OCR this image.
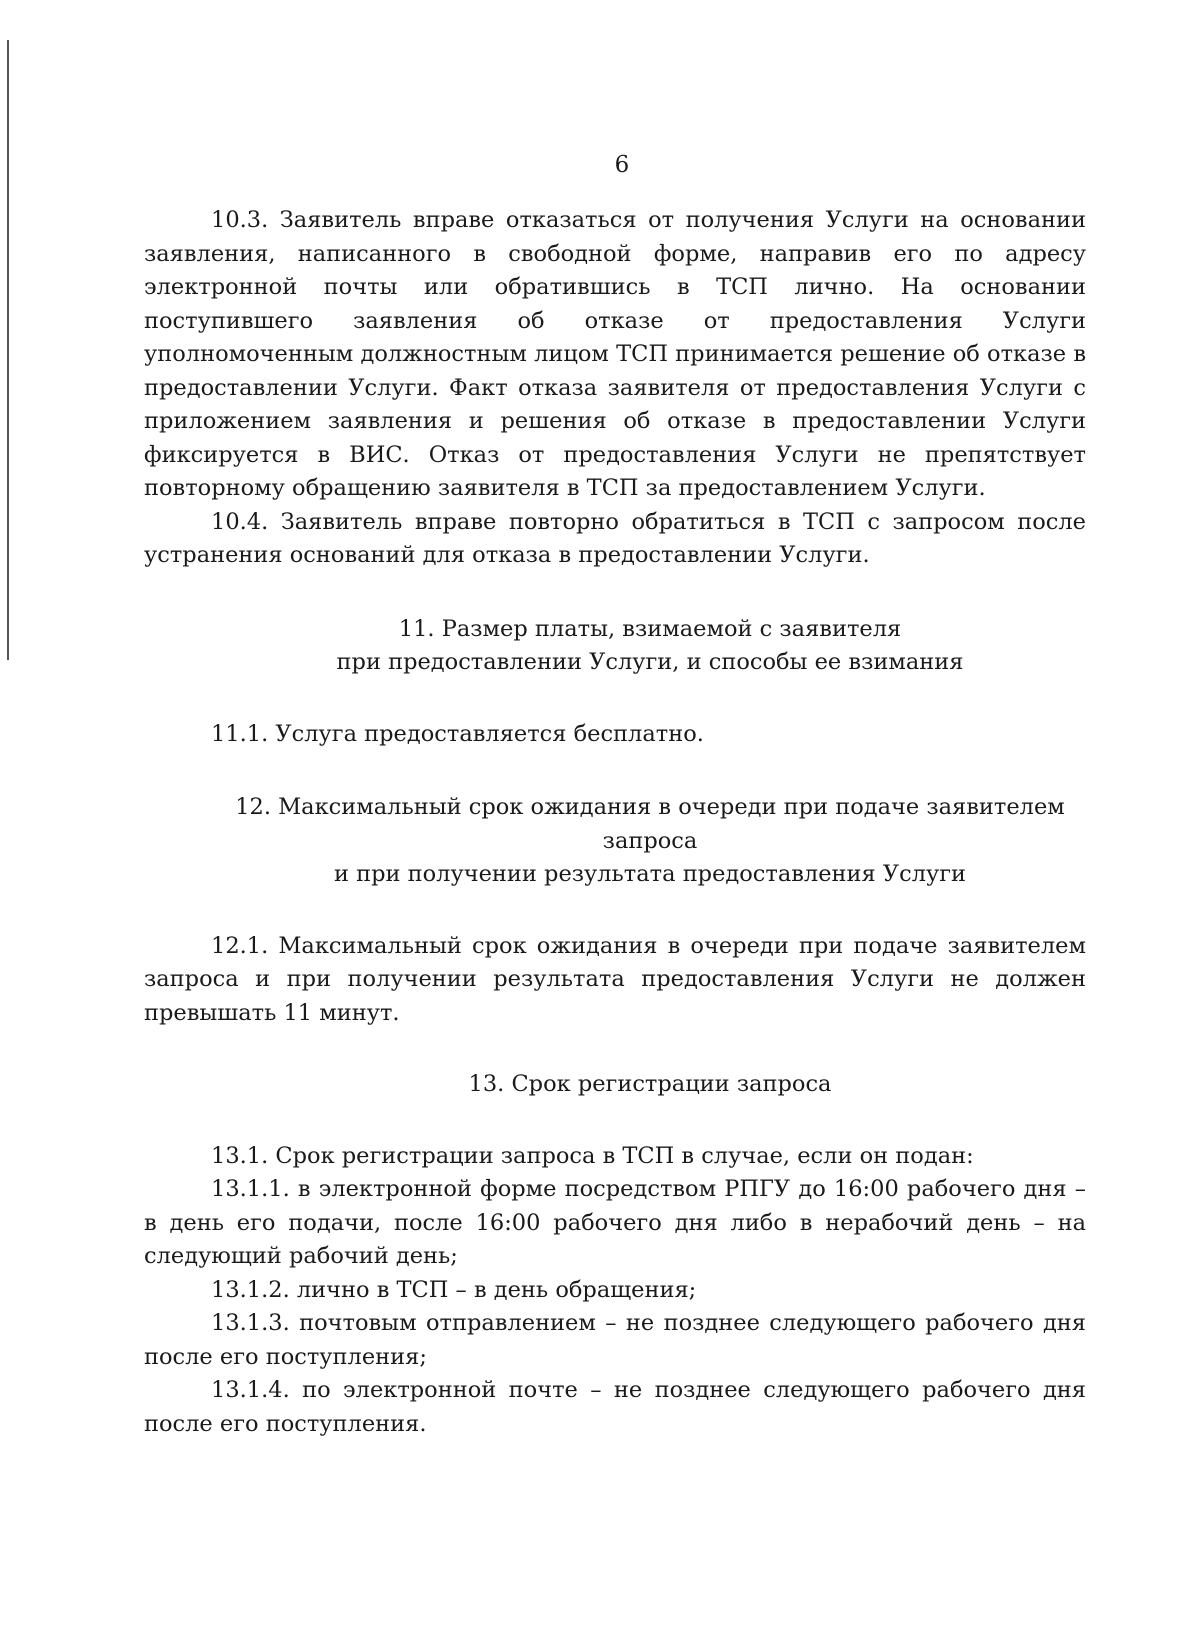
6

10.3. Заявитель вправе отказаться от получения Услуги на основании заявления, написанного в свободной форме, направив его по адресу электронной почты или обратившись в ТСП лично. На основании поступившего заявления об отказе от предоставления Услуги уполномоченным должностным лицом ТСП принимается решение об отказе в предоставлении Услуги. Факт отказа заявителя от предоставления Услуги с приложением заявления и решения об отказе в предоставлении Услуги фиксируется в ВИС. Отказ от предоставления Услуги не препятствует повторному обращению заявителя в ТСП за предоставлением Услуги.

10.4. Заявитель вправе повторно обратиться в ТСП с запросом после устранения оснований для отказа в предоставлении Услуги.

11. Размер платы, взимаемой с заявителя

при предоставлении Услуги, и способы ее взимания

11.1. Услуга предоставляется бесплатно.

12. Максимальный срок ожидания в очереди при подаче заявителем запроса

и при получении результата предоставления Услуги

12.1. Максимальный срок ожидания в очереди при подаче заявителем запроса и при получении результата предоставления Услуги не должен превышать 11 минут.

13. Срок регистрации запроса

13.1. Срок регистрации запроса в ТСП в случае, если он подан:

13.1.1. в электронной форме посредством РПГУ до 16:00 рабочего дня – в день его подачи, после 16:00 рабочего дня либо в нерабочий день – на следующий рабочий день;

13.1.2. лично в ТСП – в день обращения;

13.1.3. почтовым отправлением – не позднее следующего рабочего дня после его поступления;

13.1.4. по электронной почте – не позднее следующего рабочего дня после его поступления.
